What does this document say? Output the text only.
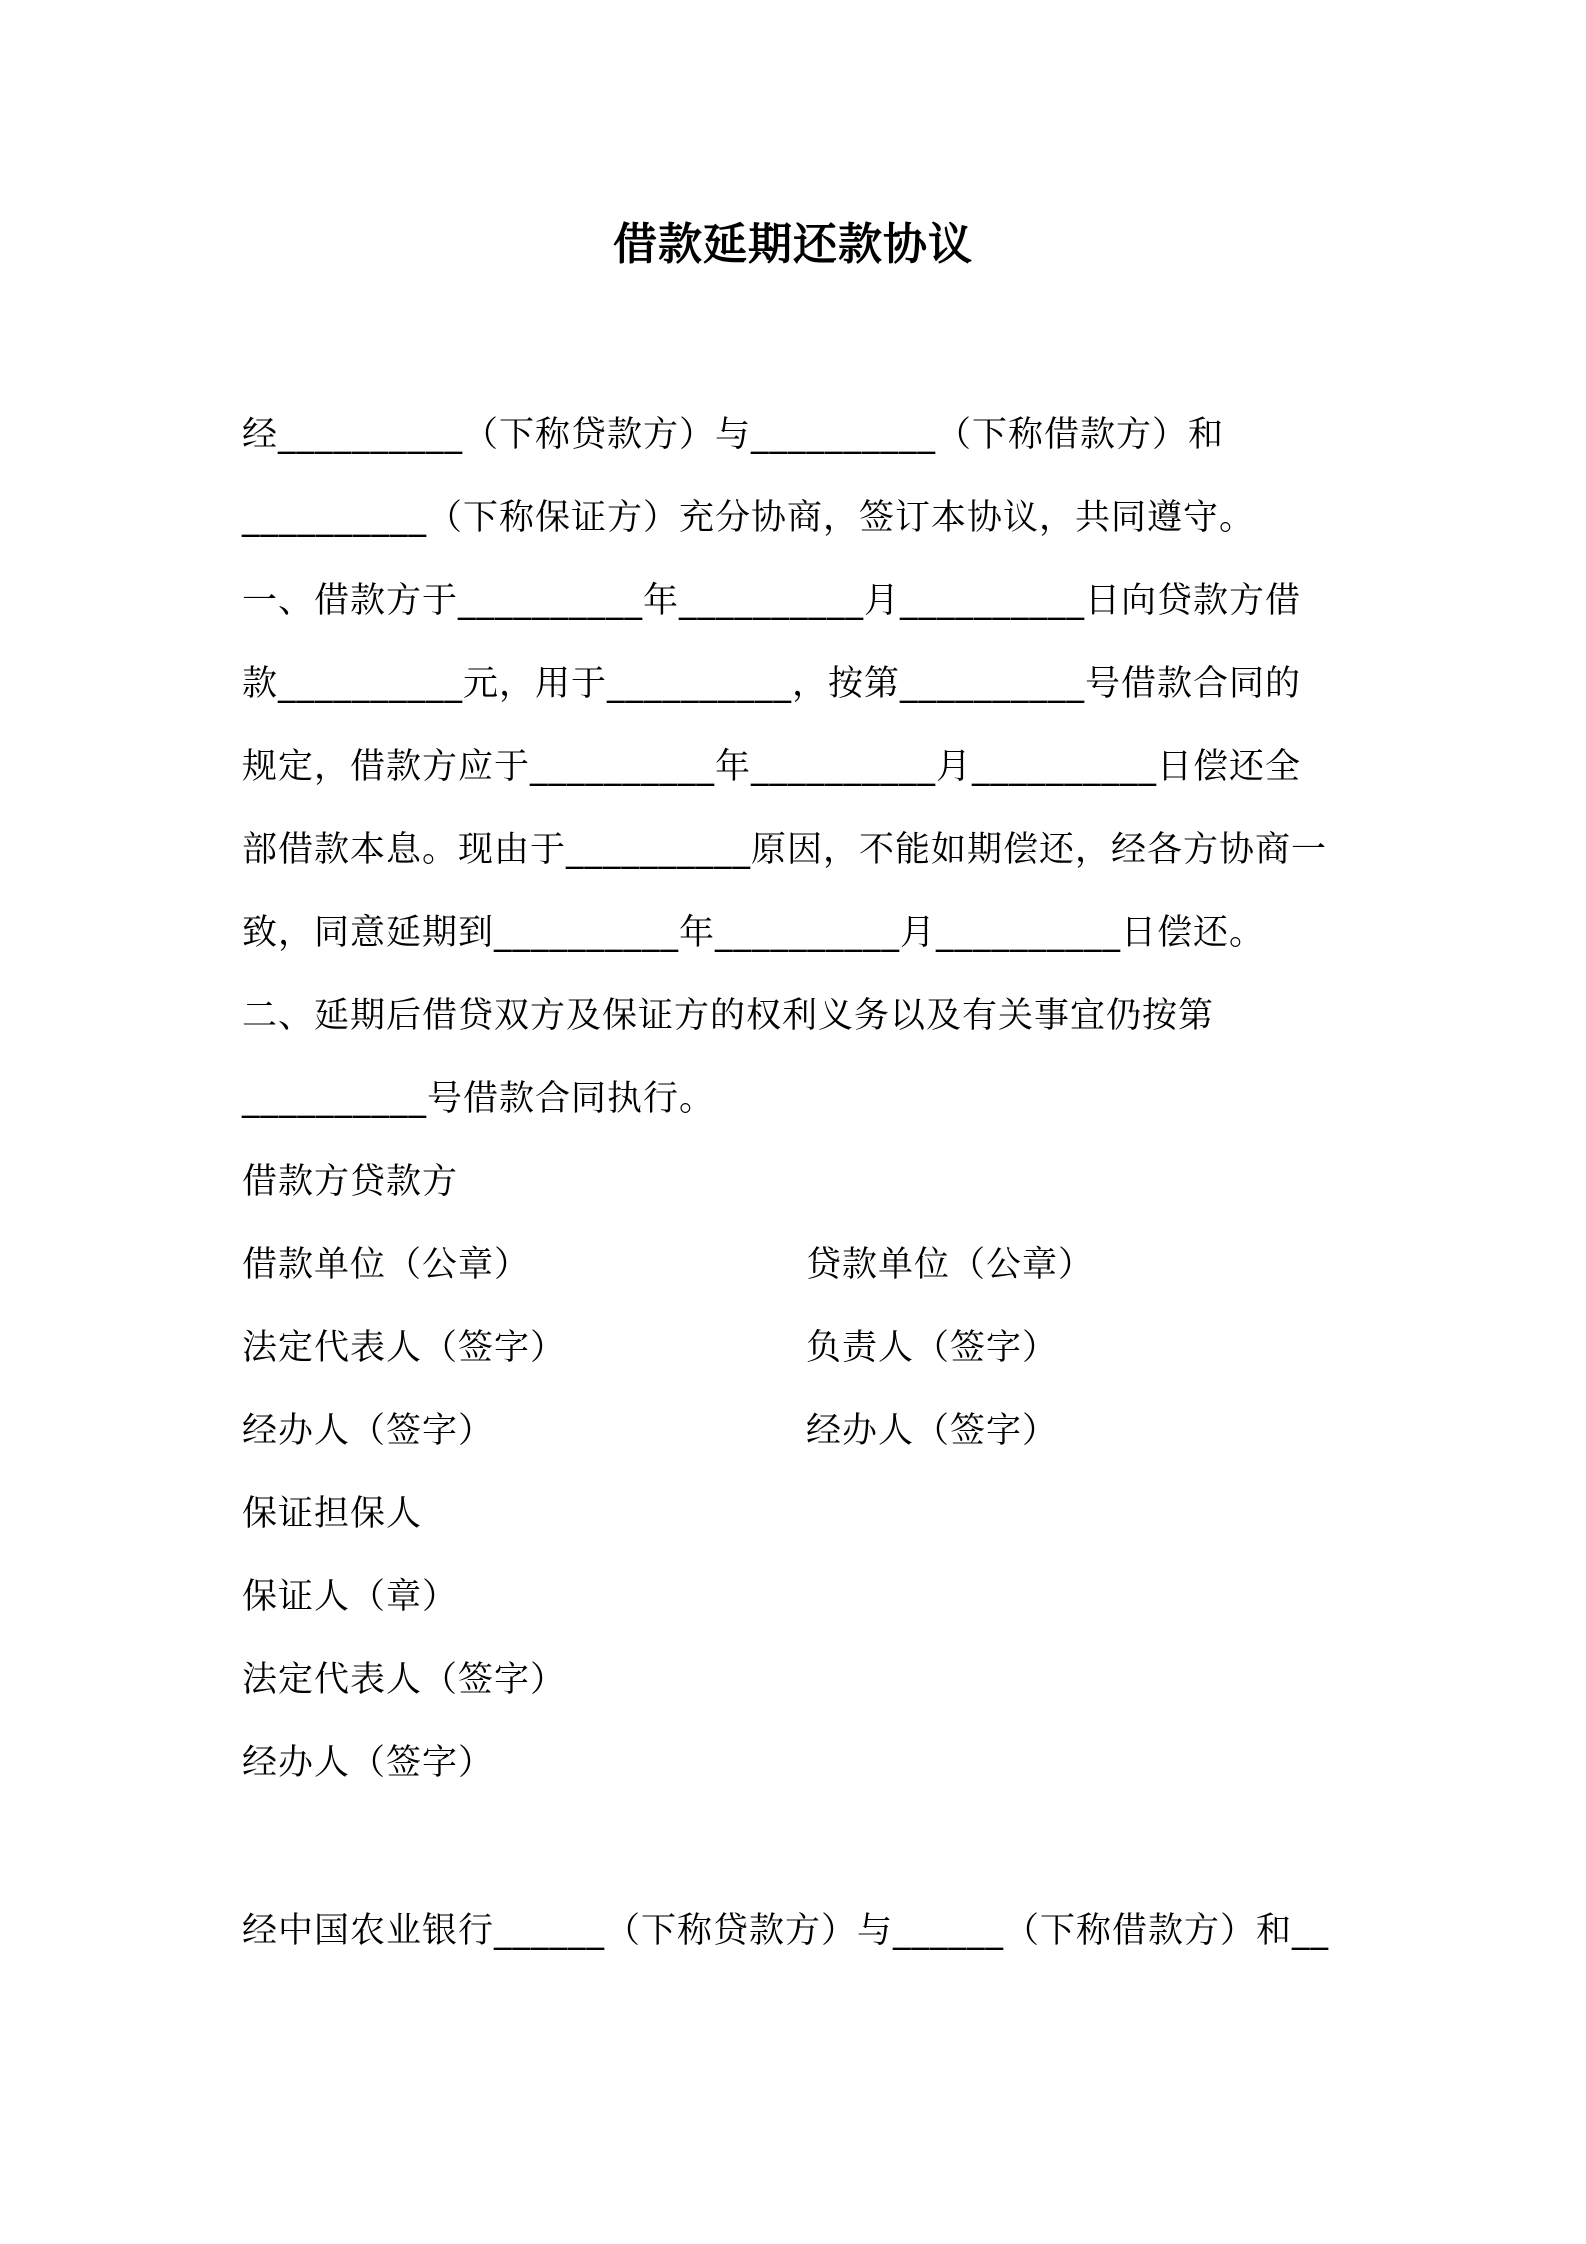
借款延期还款协议
经__________（下称贷款方）与__________（下称借款方）和
__________（下称保证方）充分协商，签订本协议，共同遵守。
一、借款方于__________年__________月__________日向贷款方借
款__________元，用于__________，按第__________号借款合同的
规定，借款方应于__________年__________月__________日偿还全
部借款本息。现由于__________原因，不能如期偿还，经各方协商一
致，同意延期到__________年__________月__________日偿还。
二、延期后借贷双方及保证方的权利义务以及有关事宜仍按第
__________号借款合同执行。
借款方贷款方
借款单位（公章）	贷款单位（公章）
法定代表人（签字）	负责人（签字）
经办人（签字）	经办人（签字）
保证担保人
保证人（章）
法定代表人（签字）
经办人（签字）
经中国农业银行______（下称贷款方）与______（下称借款方）和__
